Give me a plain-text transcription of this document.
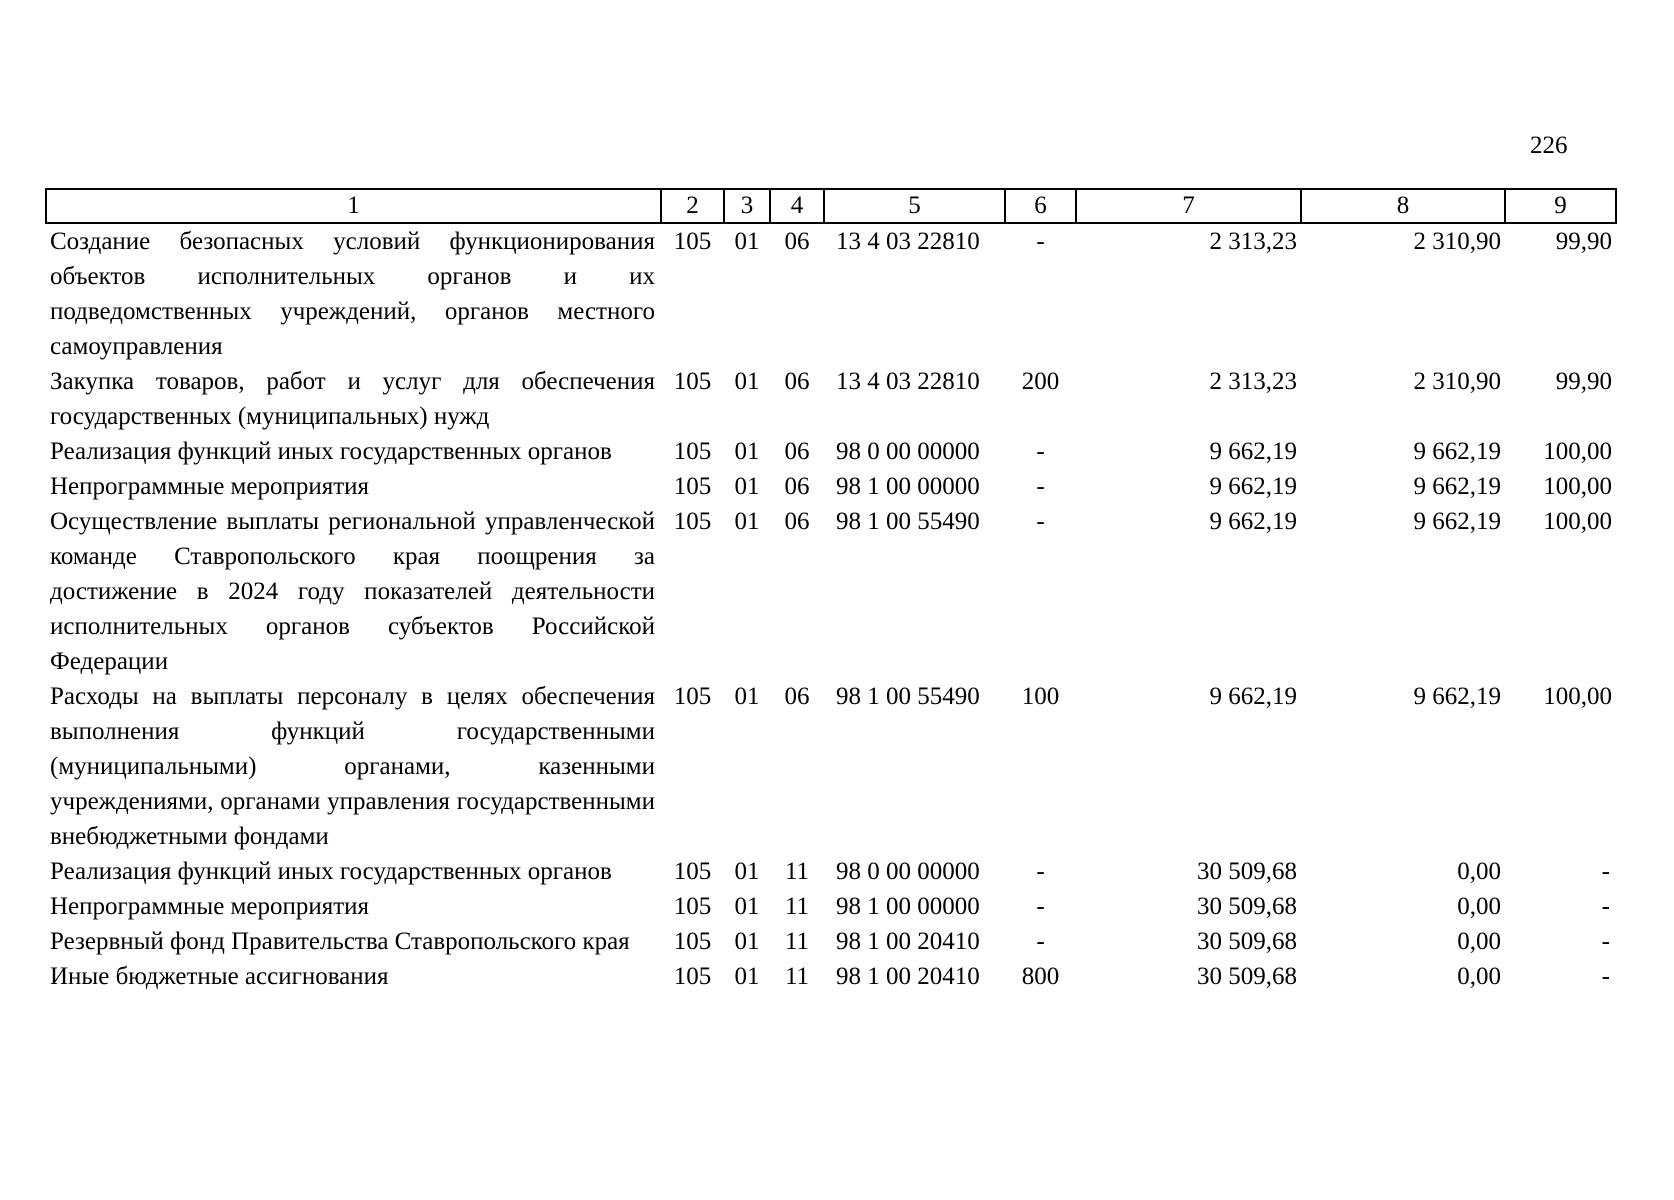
226
1	2	3	4	5	6	7	8	9
Создание безопасных условий функционирования объектов исполнительных органов и их подведомственных учреждений, органов местного самоуправления	105	01	06	13 4 03 22810	-	2 313,23	2 310,90	99,90
Закупка товаров, работ и услуг для обеспечения государственных (муниципальных) нужд	105	01	06	13 4 03 22810	200	2 313,23	2 310,90	99,90
Реализация функций иных государственных органов	105	01	06	98 0 00 00000	-	9 662,19	9 662,19	100,00
Непрограммные мероприятия	105	01	06	98 1 00 00000	-	9 662,19	9 662,19	100,00
Осуществление выплаты региональной управленческой команде Ставропольского края поощрения за достижение в 2024 году показателей деятельности исполнительных органов субъектов Российской Федерации	105	01	06	98 1 00 55490	-	9 662,19	9 662,19	100,00
Расходы на выплаты персоналу в целях обеспечения выполнения функций государственными (муниципальными) органами, казенными учреждениями, органами управления государственными внебюджетными фондами	105	01	06	98 1 00 55490	100	9 662,19	9 662,19	100,00
Реализация функций иных государственных органов	105	01	11	98 0 00 00000	-	30 509,68	0,00	-
Непрограммные мероприятия	105	01	11	98 1 00 00000	-	30 509,68	0,00	-
Резервный фонд Правительства Ставропольского края	105	01	11	98 1 00 20410	-	30 509,68	0,00	-
Иные бюджетные ассигнования	105	01	11	98 1 00 20410	800	30 509,68	0,00	-
